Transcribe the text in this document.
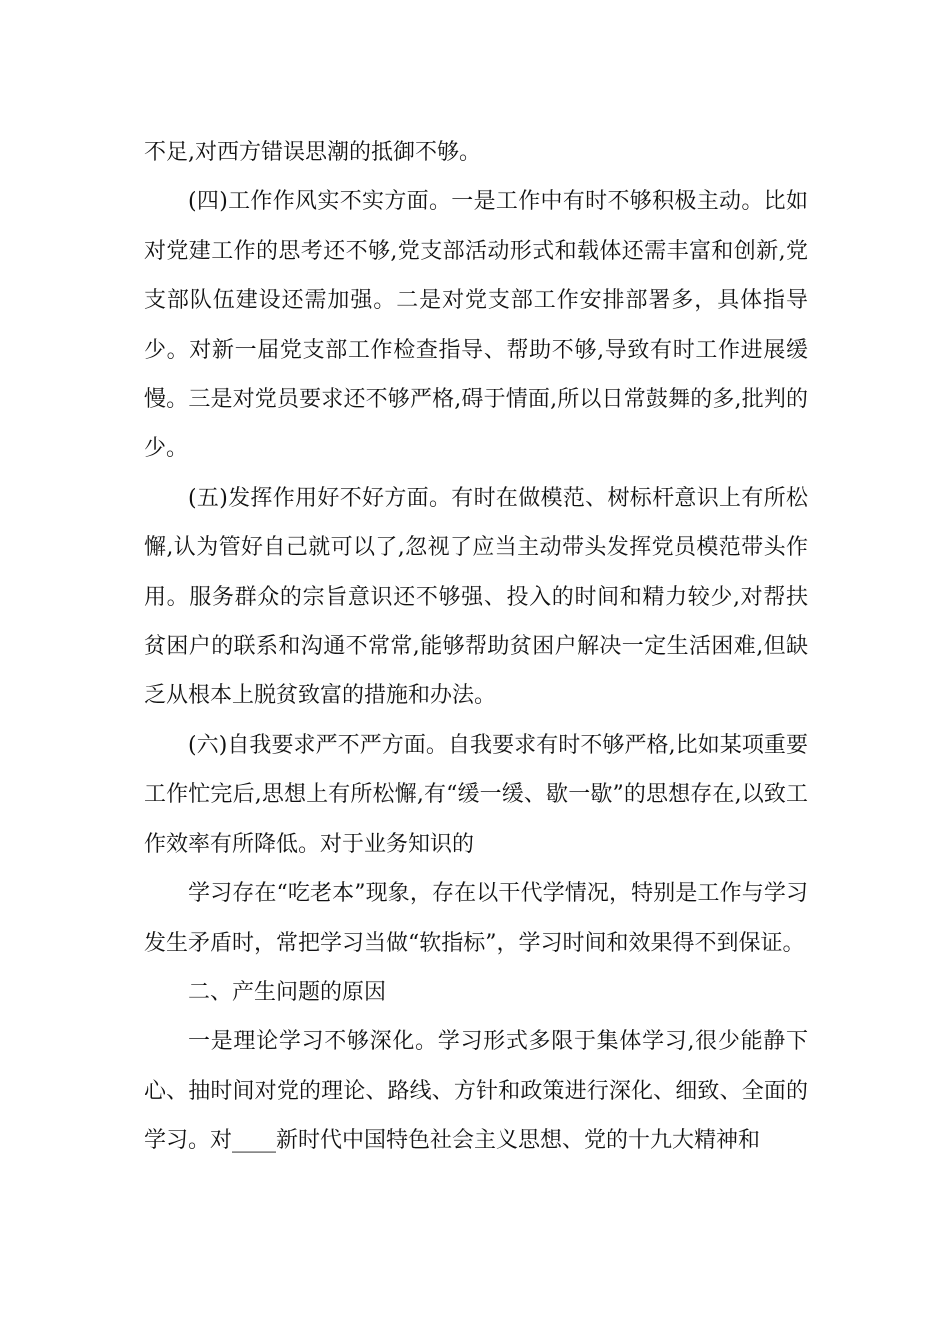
不足,对西方错误思潮的抵御不够。

(四)工作作风实不实方面。一是工作中有时不够积极主动。比如对党建工作的思考还不够,党支部活动形式和载体还需丰富和创新,党支部队伍建设还需加强。二是对党支部工作安排部署多，具体指导少。对新一届党支部工作检查指导、帮助不够,导致有时工作进展缓慢。三是对党员要求还不够严格,碍于情面,所以日常鼓舞的多,批判的少。

(五)发挥作用好不好方面。有时在做模范、树标杆意识上有所松懈,认为管好自己就可以了,忽视了应当主动带头发挥党员模范带头作用。服务群众的宗旨意识还不够强、投入的时间和精力较少,对帮扶贫困户的联系和沟通不常常,能够帮助贫困户解决一定生活困难,但缺乏从根本上脱贫致富的措施和办法。

(六)自我要求严不严方面。自我要求有时不够严格,比如某项重要工作忙完后,思想上有所松懈,有“缓一缓、歇一歇”的思想存在,以致工作效率有所降低。对于业务知识的

学习存在“吃老本”现象，存在以干代学情况，特别是工作与学习发生矛盾时，常把学习当做“软指标”，学习时间和效果得不到保证。

二、产生问题的原因

一是理论学习不够深化。学习形式多限于集体学习,很少能静下心、抽时间对党的理论、路线、方针和政策进行深化、细致、全面的学习。对____新时代中国特色社会主义思想、党的十九大精神和
